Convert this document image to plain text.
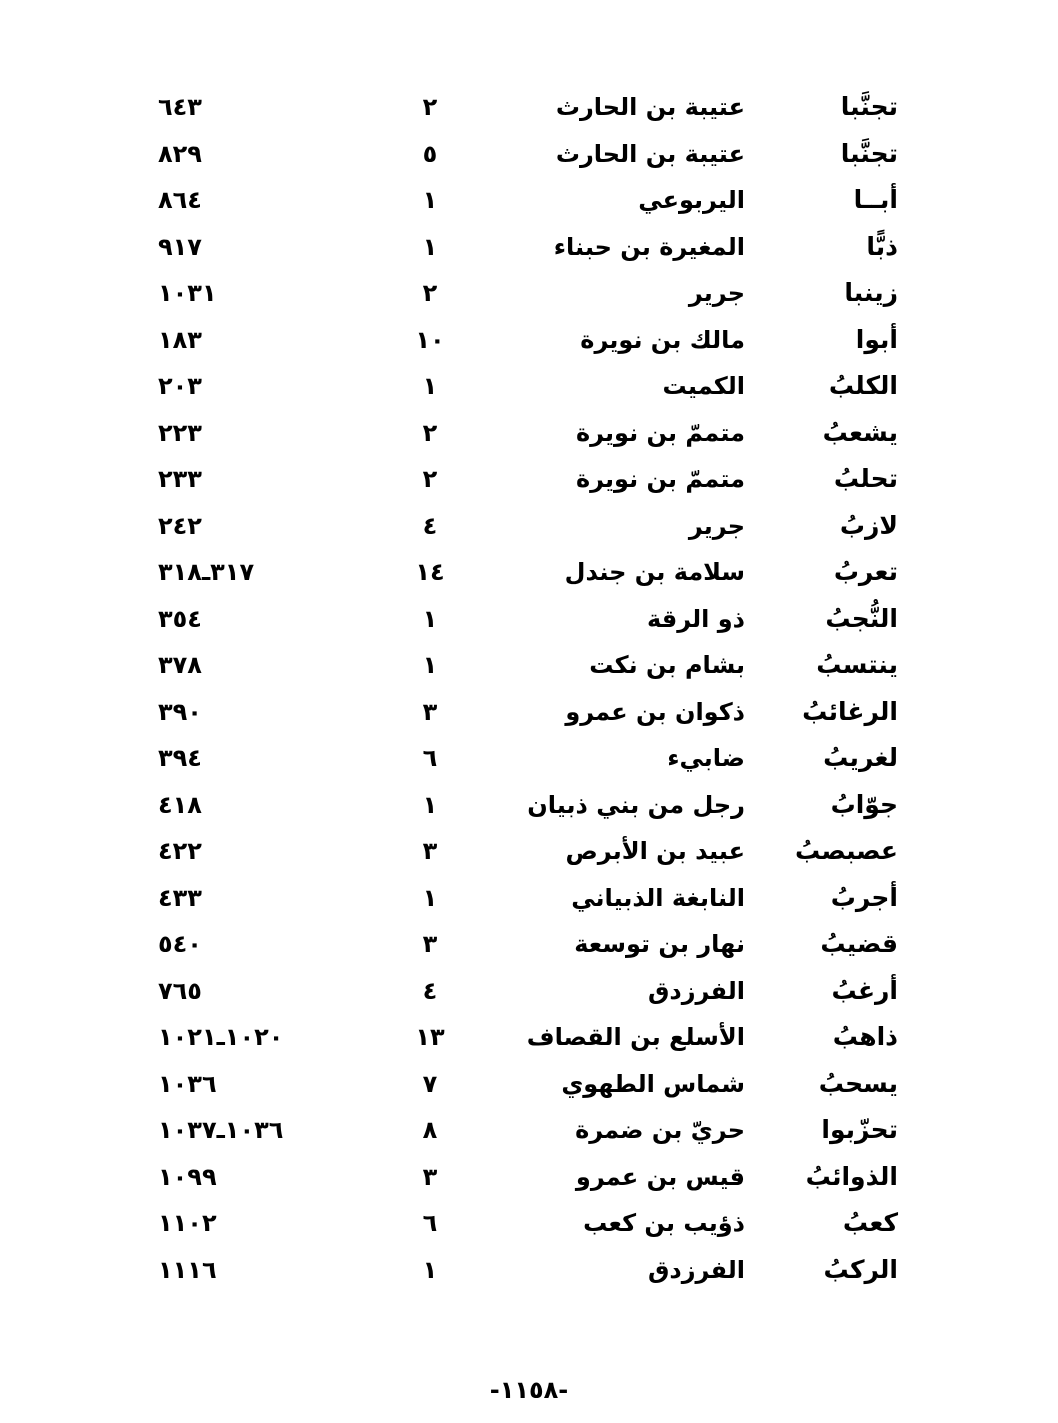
تجنَّبا
عتيبة بن الحارث
٢
٦٤٣
تجنَّبا
عتيبة بن الحارث
٥
٨٢٩
أبــا
اليربوعي
١
٨٦٤
ذبًّا
المغيرة بن حبناء
١
٩١٧
زينبا
جرير
٢
١٠٣١
أبوا
مالك بن نويرة
١٠
١٨٣
الكلبُ
الكميت
١
٢٠٣
يشعبُ
متممّ بن نويرة
٢
٢٢٣
تحلبُ
متممّ بن نويرة
٢
٢٣٣
لازبُ
جرير
٤
٢٤٢
تعربُ
سلامة بن جندل
١٤
٣١٧ـ٣١٨
النُّجبُ
ذو الرقة
١
٣٥٤
ينتسبُ
بشام بن نكت
١
٣٧٨
الرغائبُ
ذكوان بن عمرو
٣
٣٩٠
لغريبُ
ضابيء
٦
٣٩٤
جوّابُ
رجل من بني ذبيان
١
٤١٨
عصبصبُ
عبيد بن الأبرص
٣
٤٢٢
أجربُ
النابغة الذبياني
١
٤٣٣
قضيبُ
نهار بن توسعة
٣
٥٤٠
أرغبُ
الفرزدق
٤
٧٦٥
ذاهبُ
الأسلع بن القصاف
١٣
١٠٢٠ـ١٠٢١
يسحبُ
شماس الطهوي
٧
١٠٣٦
تحزّبوا
حريّ بن ضمرة
٨
١٠٣٦ـ١٠٣٧
الذوائبُ
قيس بن عمرو
٣
١٠٩٩
كعبُ
ذؤيب بن كعب
٦
١١٠٢
الركبُ
الفرزدق
١
١١١٦
-١١٥٨-
